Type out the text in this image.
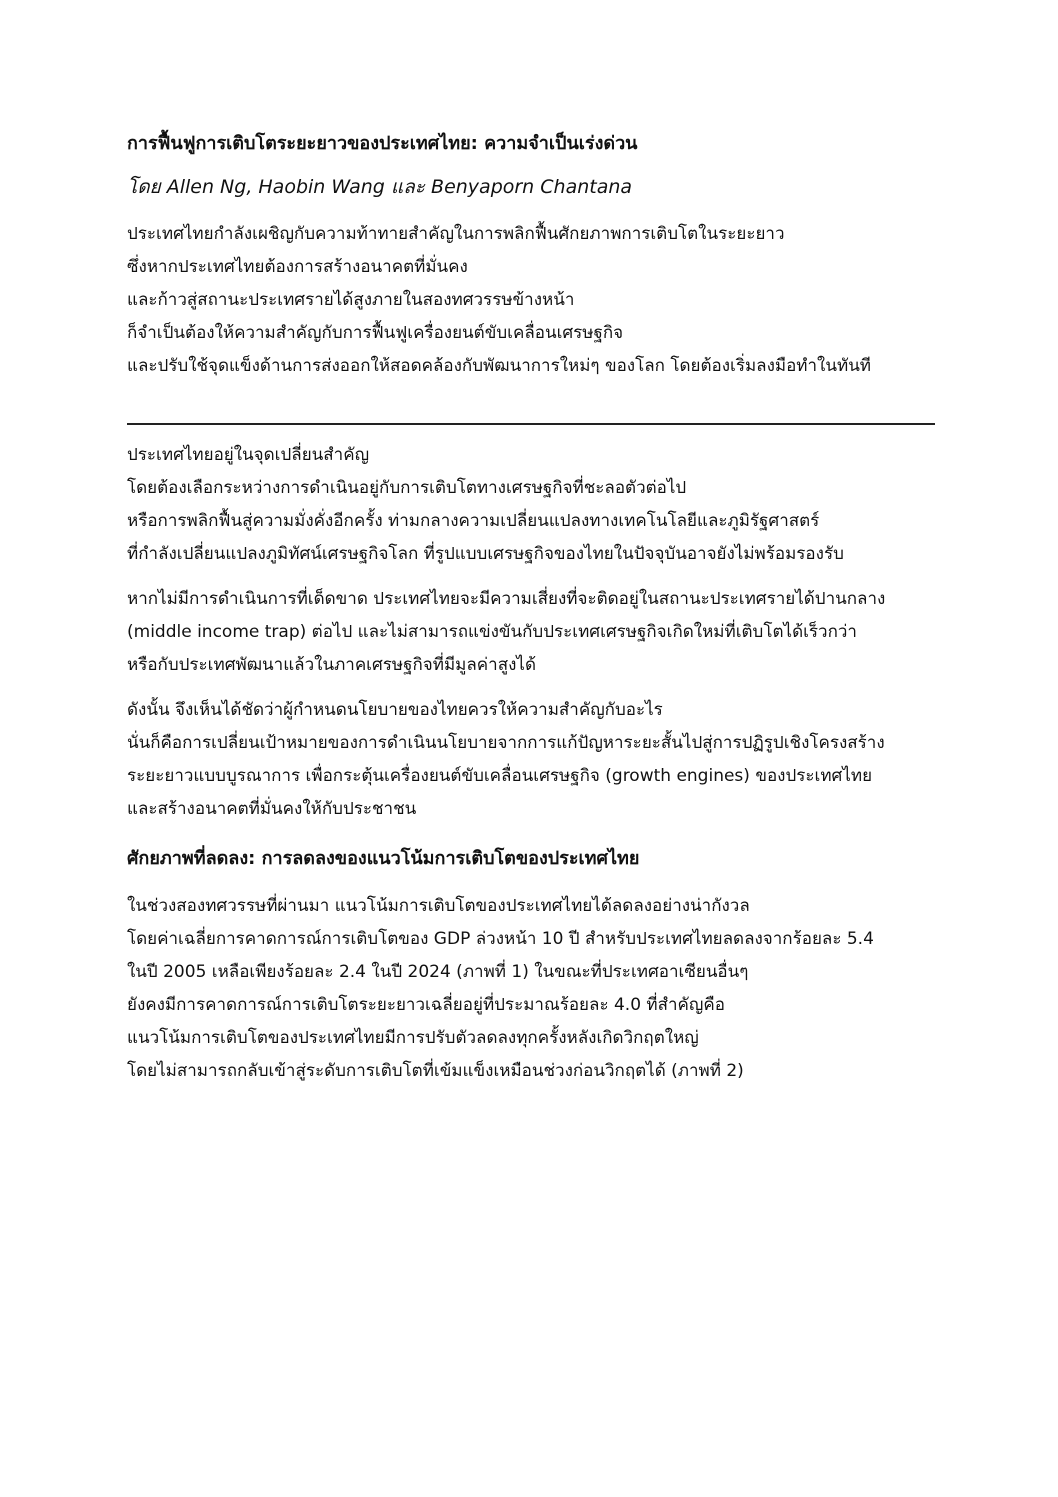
การฟื้นฟูการเติบโตระยะยาวของประเทศไทย: ความจำเป็นเร่งด่วน
โดย Allen Ng, Haobin Wang และ Benyaporn Chantana
ประเทศไทยกำลังเผชิญกับความท้าทายสำคัญในการพลิกฟื้นศักยภาพการเติบโตในระยะยาว
ซึ่งหากประเทศไทยต้องการสร้างอนาคตที่มั่นคง
และก้าวสู่สถานะประเทศรายได้สูงภายในสองทศวรรษข้างหน้า
ก็จำเป็นต้องให้ความสำคัญกับการฟื้นฟูเครื่องยนต์ขับเคลื่อนเศรษฐกิจ
และปรับใช้จุดแข็งด้านการส่งออกให้สอดคล้องกับพัฒนาการใหม่ๆ ของโลก โดยต้องเริ่มลงมือทำในทันที
ประเทศไทยอยู่ในจุดเปลี่ยนสำคัญ
โดยต้องเลือกระหว่างการดำเนินอยู่กับการเติบโตทางเศรษฐกิจที่ชะลอตัวต่อไป
หรือการพลิกฟื้นสู่ความมั่งคั่งอีกครั้ง ท่ามกลางความเปลี่ยนแปลงทางเทคโนโลยีและภูมิรัฐศาสตร์
ที่กำลังเปลี่ยนแปลงภูมิทัศน์เศรษฐกิจโลก ที่รูปแบบเศรษฐกิจของไทยในปัจจุบันอาจยังไม่พร้อมรองรับ
หากไม่มีการดำเนินการที่เด็ดขาด ประเทศไทยจะมีความเสี่ยงที่จะติดอยู่ในสถานะประเทศรายได้ปานกลาง
(middle income trap) ต่อไป และไม่สามารถแข่งขันกับประเทศเศรษฐกิจเกิดใหม่ที่เติบโตได้เร็วกว่า
หรือกับประเทศพัฒนาแล้วในภาคเศรษฐกิจที่มีมูลค่าสูงได้
ดังนั้น จึงเห็นได้ชัดว่าผู้กำหนดนโยบายของไทยควรให้ความสำคัญกับอะไร
นั่นก็คือการเปลี่ยนเป้าหมายของการดำเนินนโยบายจากการแก้ปัญหาระยะสั้นไปสู่การปฏิรูปเชิงโครงสร้าง
ระยะยาวแบบบูรณาการ เพื่อกระตุ้นเครื่องยนต์ขับเคลื่อนเศรษฐกิจ (growth engines) ของประเทศไทย
และสร้างอนาคตที่มั่นคงให้กับประชาชน
ศักยภาพที่ลดลง: การลดลงของแนวโน้มการเติบโตของประเทศไทย
ในช่วงสองทศวรรษที่ผ่านมา แนวโน้มการเติบโตของประเทศไทยได้ลดลงอย่างน่ากังวล
โดยค่าเฉลี่ยการคาดการณ์การเติบโตของ GDP ล่วงหน้า 10 ปี สำหรับประเทศไทยลดลงจากร้อยละ 5.4
ในปี 2005 เหลือเพียงร้อยละ 2.4 ในปี 2024 (ภาพที่ 1) ในขณะที่ประเทศอาเซียนอื่นๆ
ยังคงมีการคาดการณ์การเติบโตระยะยาวเฉลี่ยอยู่ที่ประมาณร้อยละ 4.0 ที่สำคัญคือ
แนวโน้มการเติบโตของประเทศไทยมีการปรับตัวลดลงทุกครั้งหลังเกิดวิกฤตใหญ่
โดยไม่สามารถกลับเข้าสู่ระดับการเติบโตที่เข้มแข็งเหมือนช่วงก่อนวิกฤตได้ (ภาพที่ 2)
